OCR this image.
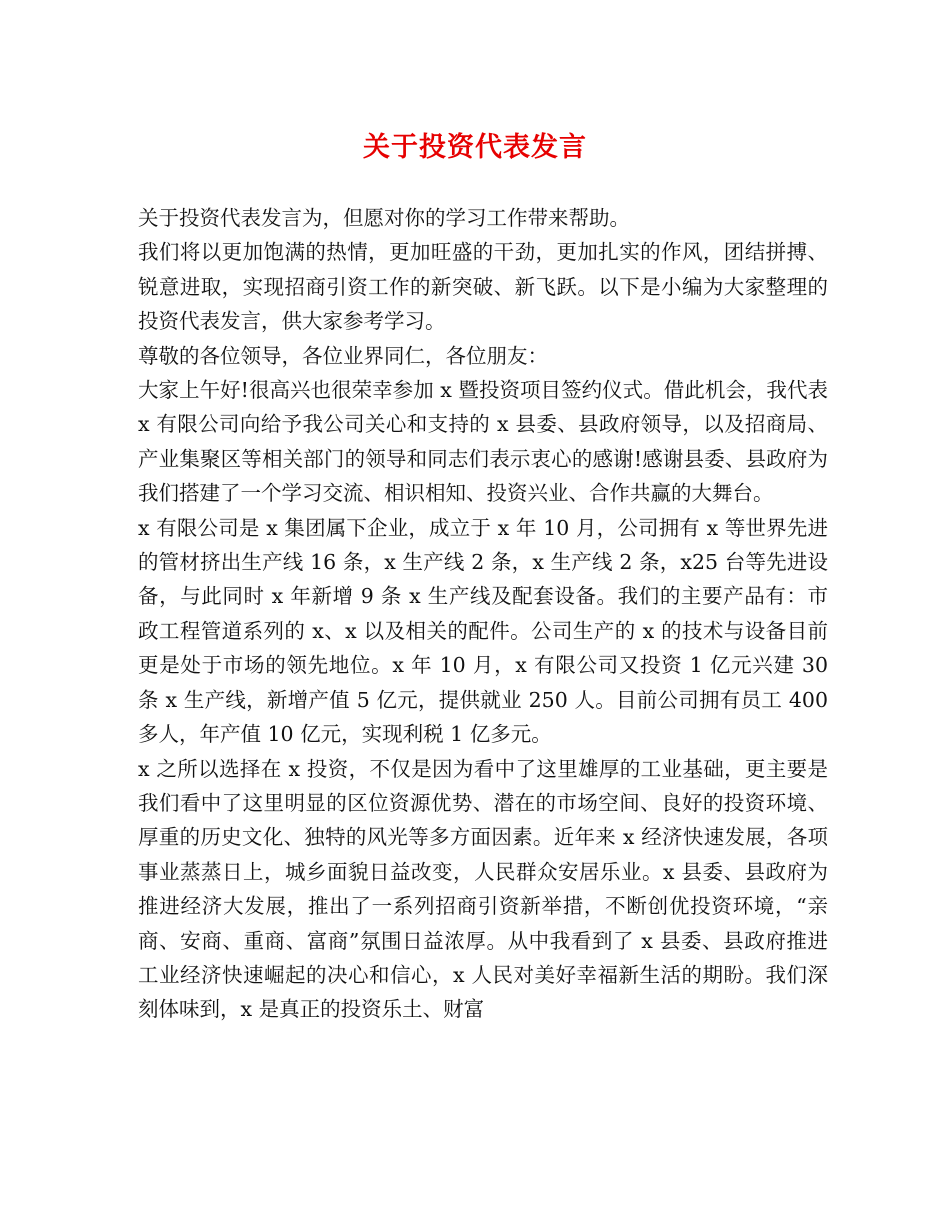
关于投资代表发言

关于投资代表发言为，但愿对你的学习工作带来帮助。

我们将以更加饱满的热情，更加旺盛的干劲，更加扎实的作风，团结拼搏、锐意进取，实现招商引资工作的新突破、新飞跃。以下是小编为大家整理的投资代表发言，供大家参考学习。

尊敬的各位领导，各位业界同仁，各位朋友：

大家上午好!很高兴也很荣幸参加 x 暨投资项目签约仪式。借此机会，我代表 x 有限公司向给予我公司关心和支持的 x 县委、县政府领导，以及招商局、产业集聚区等相关部门的领导和同志们表示衷心的感谢!感谢县委、县政府为我们搭建了一个学习交流、相识相知、投资兴业、合作共赢的大舞台。

x 有限公司是 x 集团属下企业，成立于 x 年 10 月，公司拥有 x 等世界先进的管材挤出生产线 16 条，x 生产线 2 条，x 生产线 2 条，x25 台等先进设备，与此同时 x 年新增 9 条 x 生产线及配套设备。我们的主要产品有：市政工程管道系列的 x、x 以及相关的配件。公司生产的 x 的技术与设备目前更是处于市场的领先地位。x 年 10 月，x 有限公司又投资 1 亿元兴建 30 条 x 生产线，新增产值 5 亿元，提供就业 250 人。目前公司拥有员工 400 多人，年产值 10 亿元，实现利税 1 亿多元。

x 之所以选择在 x 投资，不仅是因为看中了这里雄厚的工业基础，更主要是我们看中了这里明显的区位资源优势、潜在的市场空间、良好的投资环境、厚重的历史文化、独特的风光等多方面因素。近年来 x 经济快速发展，各项事业蒸蒸日上，城乡面貌日益改变，人民群众安居乐业。x 县委、县政府为推进经济大发展，推出了一系列招商引资新举措，不断创优投资环境，“亲商、安商、重商、富商”氛围日益浓厚。从中我看到了 x 县委、县政府推进工业经济快速崛起的决心和信心，x 人民对美好幸福新生活的期盼。我们深刻体味到，x 是真正的投资乐土、财富
